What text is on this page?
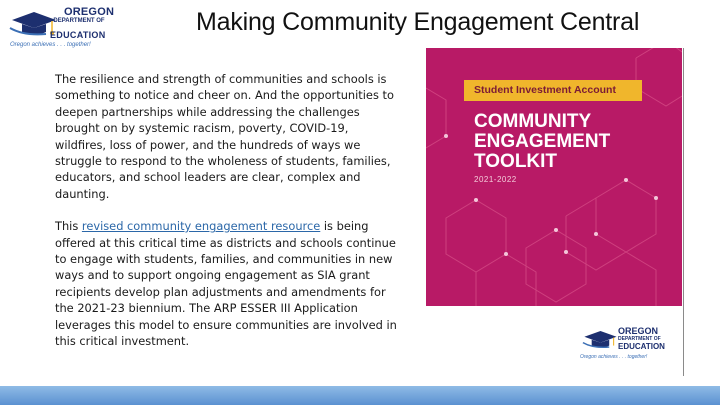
OREGON
DEPARTMENT OF
EDUCATION
Oregon achieves . . . together!
Making Community Engagement Central

The resilience and strength of communities and schools is something to notice and cheer on. And the opportunities to deepen partnerships while addressing the challenges brought on by systemic racism, poverty, COVID-19, wildfires, loss of power, and the hundreds of ways we struggle to respond to the wholeness of students, families, educators, and school leaders are clear, complex and daunting.

This revised community engagement resource is being offered at this critical time as districts and schools continue to engage with students, families, and communities in new ways and to support ongoing engagement as SIA grant recipients develop plan adjustments and amendments for the 2021-23 biennium. The ARP ESSER III Application leverages this model to ensure communities are involved in this critical investment.

Student Investment Account
COMMUNITY
ENGAGEMENT
TOOLKIT
2021-2022
OREGON
DEPARTMENT OF
EDUCATION
Oregon achieves . . . together!
